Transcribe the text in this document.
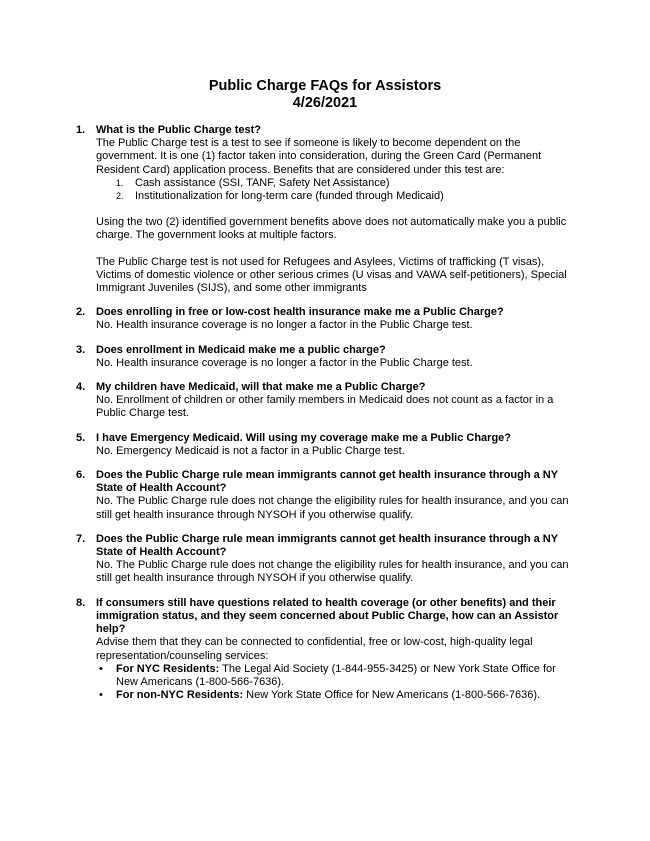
Public Charge FAQs for Assistors
4/26/2021
1. What is the Public Charge test?

The Public Charge test is a test to see if someone is likely to become dependent on the government. It is one (1) factor taken into consideration, during the Green Card (Permanent Resident Card) application process. Benefits that are considered under this test are:

1. Cash assistance (SSI, TANF, Safety Net Assistance)
2. Institutionalization for long-term care (funded through Medicaid)

Using the two (2) identified government benefits above does not automatically make you a public charge. The government looks at multiple factors.

The Public Charge test is not used for Refugees and Asylees, Victims of trafficking (T visas), Victims of domestic violence or other serious crimes (U visas and VAWA self-petitioners), Special Immigrant Juveniles (SIJS), and some other immigrants

2. Does enrolling in free or low-cost health insurance make me a Public Charge?

No. Health insurance coverage is no longer a factor in the Public Charge test.

3. Does enrollment in Medicaid make me a public charge?

No. Health insurance coverage is no longer a factor in the Public Charge test.

4. My children have Medicaid, will that make me a Public Charge?

No. Enrollment of children or other family members in Medicaid does not count as a factor in a Public Charge test.

5. I have Emergency Medicaid. Will using my coverage make me a Public Charge?

No. Emergency Medicaid is not a factor in a Public Charge test.

6. Does the Public Charge rule mean immigrants cannot get health insurance through a NY State of Health Account?

No. The Public Charge rule does not change the eligibility rules for health insurance, and you can still get health insurance through NYSOH if you otherwise qualify.

7. Does the Public Charge rule mean immigrants cannot get health insurance through a NY State of Health Account?

No. The Public Charge rule does not change the eligibility rules for health insurance, and you can still get health insurance through NYSOH if you otherwise qualify.

8. If consumers still have questions related to health coverage (or other benefits) and their immigration status, and they seem concerned about Public Charge, how can an Assistor help?

Advise them that they can be connected to confidential, free or low-cost, high-quality legal representation/counseling services:

• For NYC Residents: The Legal Aid Society (1-844-955-3425) or New York State Office for New Americans (1-800-566-7636).
• For non-NYC Residents: New York State Office for New Americans (1-800-566-7636).
